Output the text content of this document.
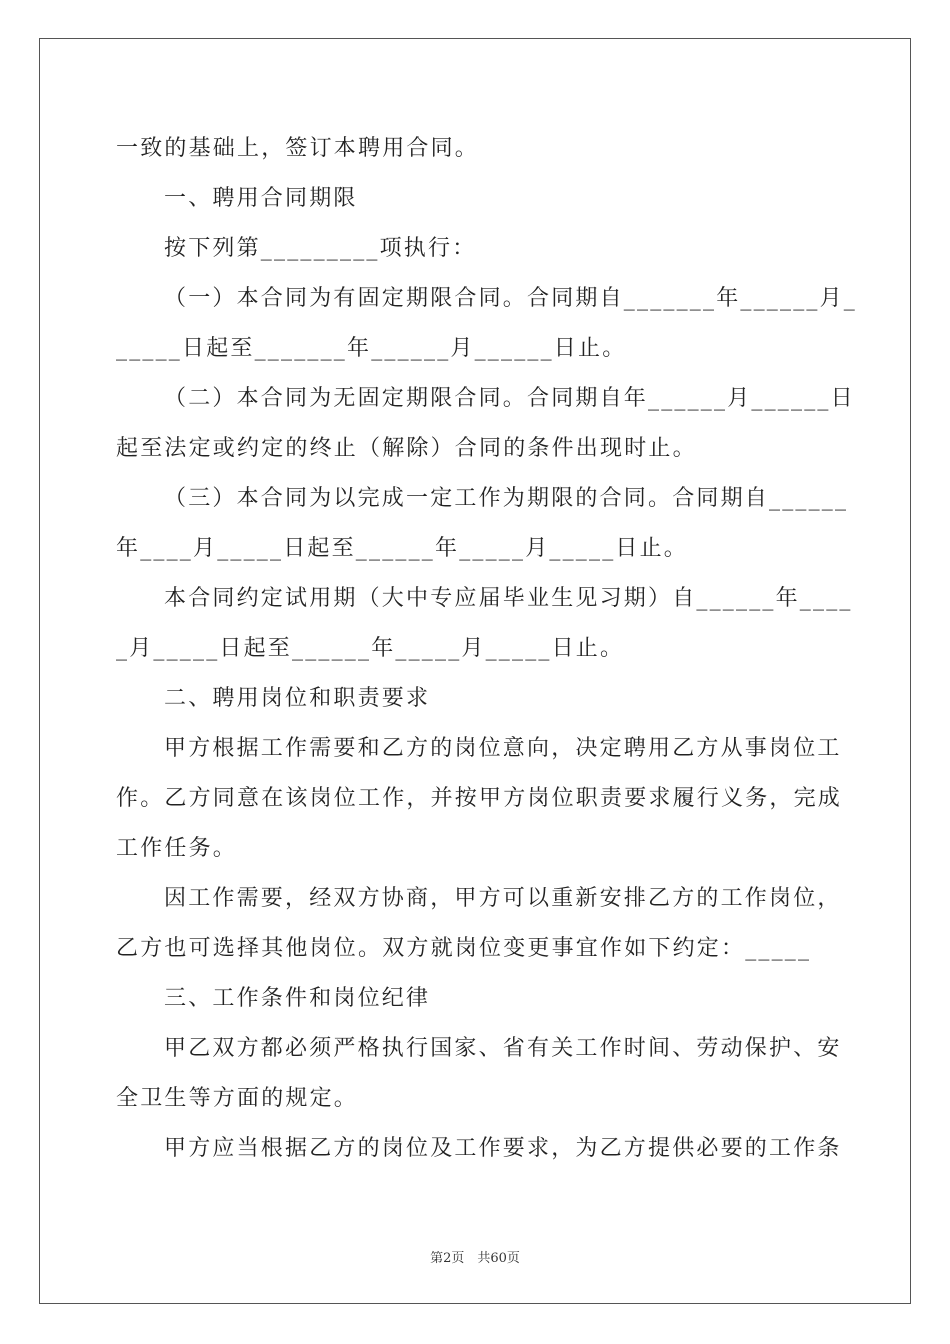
一致的基础上，签订本聘用合同。
一、聘用合同期限
按下列第_________项执行：
（一）本合同为有固定期限合同。合同期自_______年______月_
_____日起至_______年______月______日止。
（二）本合同为无固定期限合同。合同期自年______月______日
起至法定或约定的终止（解除）合同的条件出现时止。
（三）本合同为以完成一定工作为期限的合同。合同期自______
年____月_____日起至______年_____月_____日止。
本合同约定试用期（大中专应届毕业生见习期）自______年____
_月_____日起至______年_____月_____日止。
二、聘用岗位和职责要求
甲方根据工作需要和乙方的岗位意向，决定聘用乙方从事岗位工
作。乙方同意在该岗位工作，并按甲方岗位职责要求履行义务，完成
工作任务。
因工作需要，经双方协商，甲方可以重新安排乙方的工作岗位，
乙方也可选择其他岗位。双方就岗位变更事宜作如下约定：_____
三、工作条件和岗位纪律
甲乙双方都必须严格执行国家、省有关工作时间、劳动保护、安
全卫生等方面的规定。
甲方应当根据乙方的岗位及工作要求，为乙方提供必要的工作条
第2页　共60页
